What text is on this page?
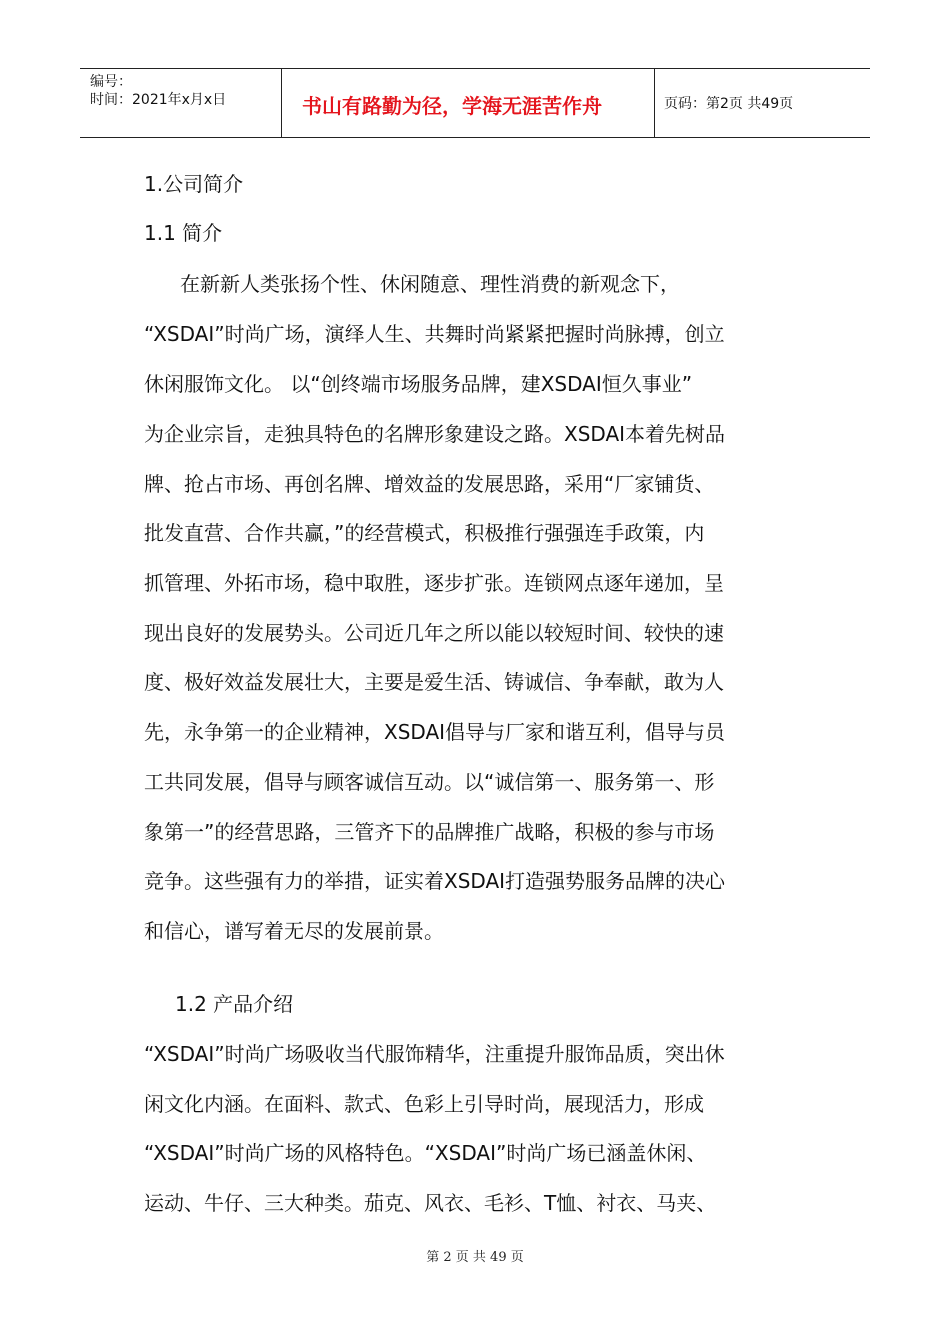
编号：
时间：2021年x月x日	书山有路勤为径，学海无涯苦作舟	页码：第2页 共49页
1.公司简介
1.1 简介
在新新人类张扬个性、休闲随意、理性消费的新观念下，
“XSDAI”时尚广场，演绎人生、共舞时尚紧紧把握时尚脉搏，创立
休闲服饰文化。 以“创终端市场服务品牌，建XSDAI恒久事业”
为企业宗旨，走独具特色的名牌形象建设之路。XSDAI本着先树品
牌、抢占市场、再创名牌、增效益的发展思路，采用“厂家铺货、
批发直营、合作共赢，”的经营模式，积极推行强强连手政策，内
抓管理、外拓市场，稳中取胜，逐步扩张。连锁网点逐年递加，呈
现出良好的发展势头。公司近几年之所以能以较短时间、较快的速
度、极好效益发展壮大，主要是爱生活、铸诚信、争奉献，敢为人
先，永争第一的企业精神，XSDAI倡导与厂家和谐互利，倡导与员
工共同发展，倡导与顾客诚信互动。以“诚信第一、服务第一、形
象第一”的经营思路，三管齐下的品牌推广战略，积极的参与市场
竞争。这些强有力的举措，证实着XSDAI打造强势服务品牌的决心
和信心，谱写着无尽的发展前景。
1.2 产品介绍
“XSDAI”时尚广场吸收当代服饰精华，注重提升服饰品质，突出休
闲文化内涵。在面料、款式、色彩上引导时尚，展现活力，形成
“XSDAI”时尚广场的风格特色。“XSDAI”时尚广场已涵盖休闲、
运动、牛仔、三大种类。茄克、风衣、毛衫、T恤、衬衣、马夹、
第 2 页 共 49 页
